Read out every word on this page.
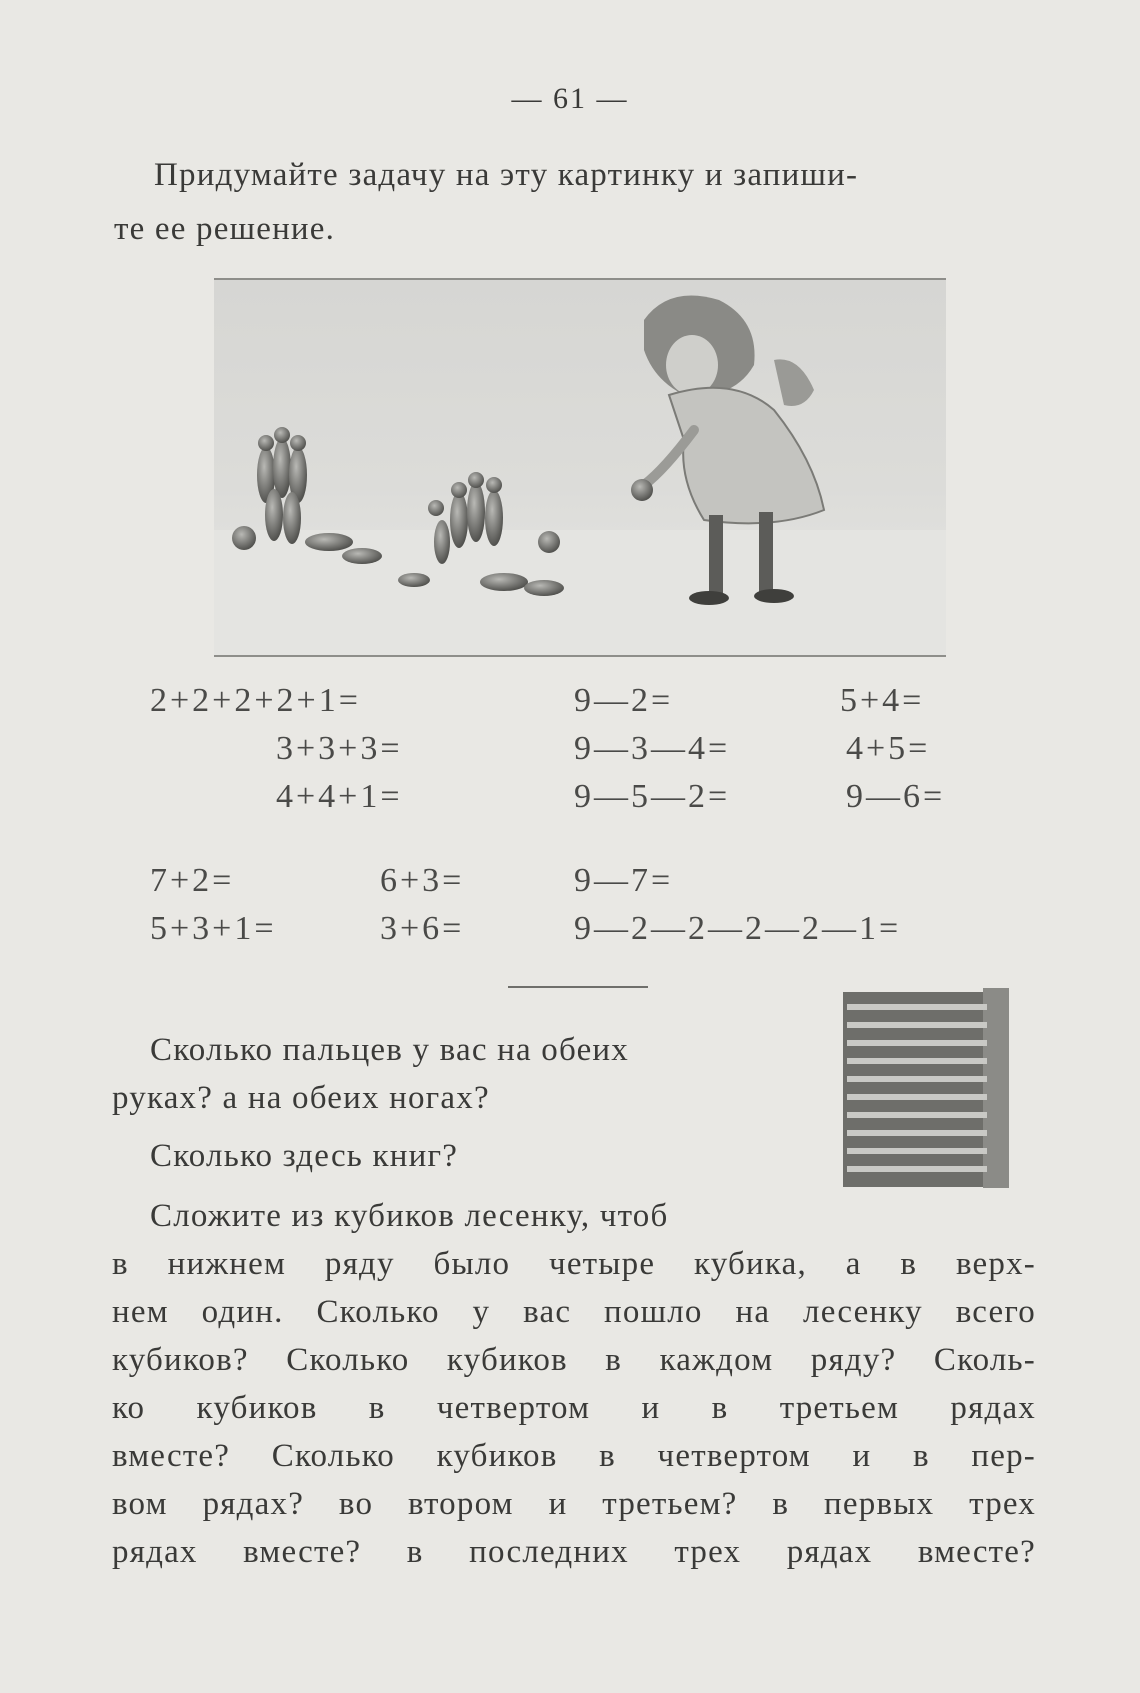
— 61 —
Придумайте задачу на эту картинку и запиши-
те ее решение.
2+2+2+2+1=	9—2=	5+4=
3+3+3=	9—3—4=	4+5=
4+4+1=	9—5—2=	9—6=
7+2=	6+3=	9—7=
5+3+1=	3+6=	9—2—2—2—2—1=
Сколько пальцев у вас на обеих
руках? а на обеих ногах?
Сколько здесь книг?
Сложите из кубиков лесенку, чтоб
в нижнем ряду было четыре кубика, а в верх-
нем один. Сколько у вас пошло на лесенку всего
кубиков? Сколько кубиков в каждом ряду? Сколь-
ко кубиков в четвертом и в третьем рядах
вместе? Сколько кубиков в четвертом и в пер-
вом рядах? во втором и третьем? в первых трех
рядах вместе? в последних трех рядах вместе?
